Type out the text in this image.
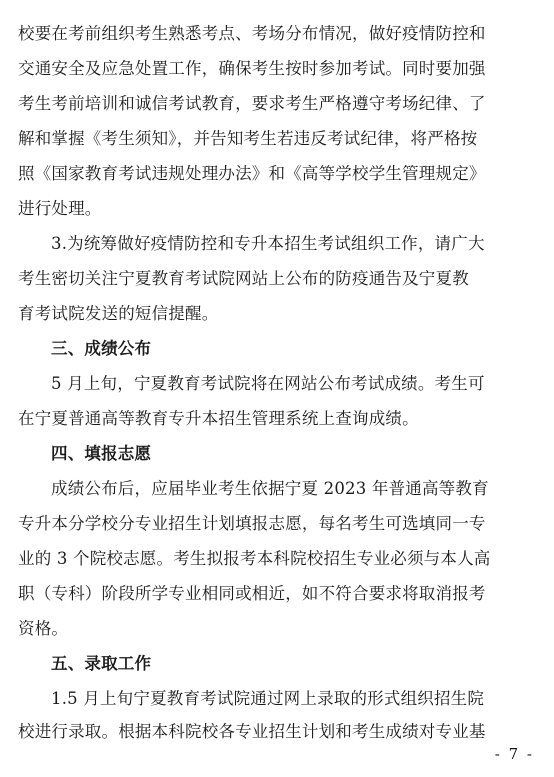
校要在考前组织考生熟悉考点、考场分布情况，做好疫情防控和
交通安全及应急处置工作，确保考生按时参加考试。同时要加强
考生考前培训和诚信考试教育，要求考生严格遵守考场纪律、了
解和掌握《考生须知》，并告知考生若违反考试纪律，将严格按
照《国家教育考试违规处理办法》和《高等学校学生管理规定》
进行处理。
3.为统筹做好疫情防控和专升本招生考试组织工作，请广大
考生密切关注宁夏教育考试院网站上公布的防疫通告及宁夏教
育考试院发送的短信提醒。
三、成绩公布
5 月上旬，宁夏教育考试院将在网站公布考试成绩。考生可
在宁夏普通高等教育专升本招生管理系统上查询成绩。
四、填报志愿
成绩公布后，应届毕业考生依据宁夏 2023 年普通高等教育
专升本分学校分专业招生计划填报志愿，每名考生可选填同一专
业的 3 个院校志愿。考生拟报考本科院校招生专业必须与本人高
职（专科）阶段所学专业相同或相近，如不符合要求将取消报考
资格。
五、录取工作
1.5 月上旬宁夏教育考试院通过网上录取的形式组织招生院
校进行录取。根据本科院校各专业招生计划和考生成绩对专业基
- 7 -
